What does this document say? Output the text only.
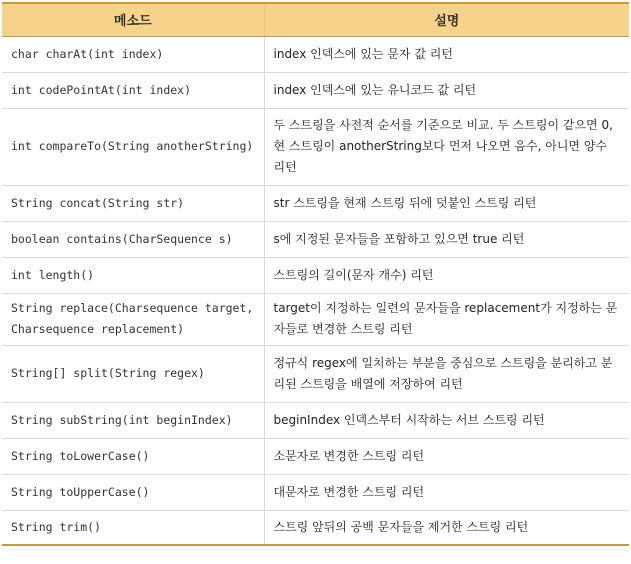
메소드	설명
char charAt(int index)	index 인덱스에 있는 문자 값 리턴
int codePointAt(int index)	index 인덱스에 있는 유니코드 값 리턴
int compareTo(String anotherString)	두 스트링을 사전적 순서를 기준으로 비교. 두 스트링이 같으면 0, 현 스트링이 anotherString보다 먼저 나오면 음수, 아니면 양수 리턴
String concat(String str)	str 스트링을 현재 스트링 뒤에 덧붙인 스트링 리턴
boolean contains(CharSequence s)	s에 지정된 문자들을 포함하고 있으면 true 리턴
int length()	스트링의 길이(문자 개수) 리턴
String replace(Charsequence target, Charsequence replacement)	target이 지정하는 일련의 문자들을 replacement가 지정하는 문자들로 변경한 스트링 리턴
String[] split(String regex)	정규식 regex에 일치하는 부분을 중심으로 스트링을 분리하고 분리된 스트링을 배열에 저장하여 리턴
String subString(int beginIndex)	beginIndex 인덱스부터 시작하는 서브 스트링 리턴
String toLowerCase()	소문자로 변경한 스트링 리턴
String toUpperCase()	대문자로 변경한 스트링 리턴
String trim()	스트링 앞뒤의 공백 문자들을 제거한 스트링 리턴
